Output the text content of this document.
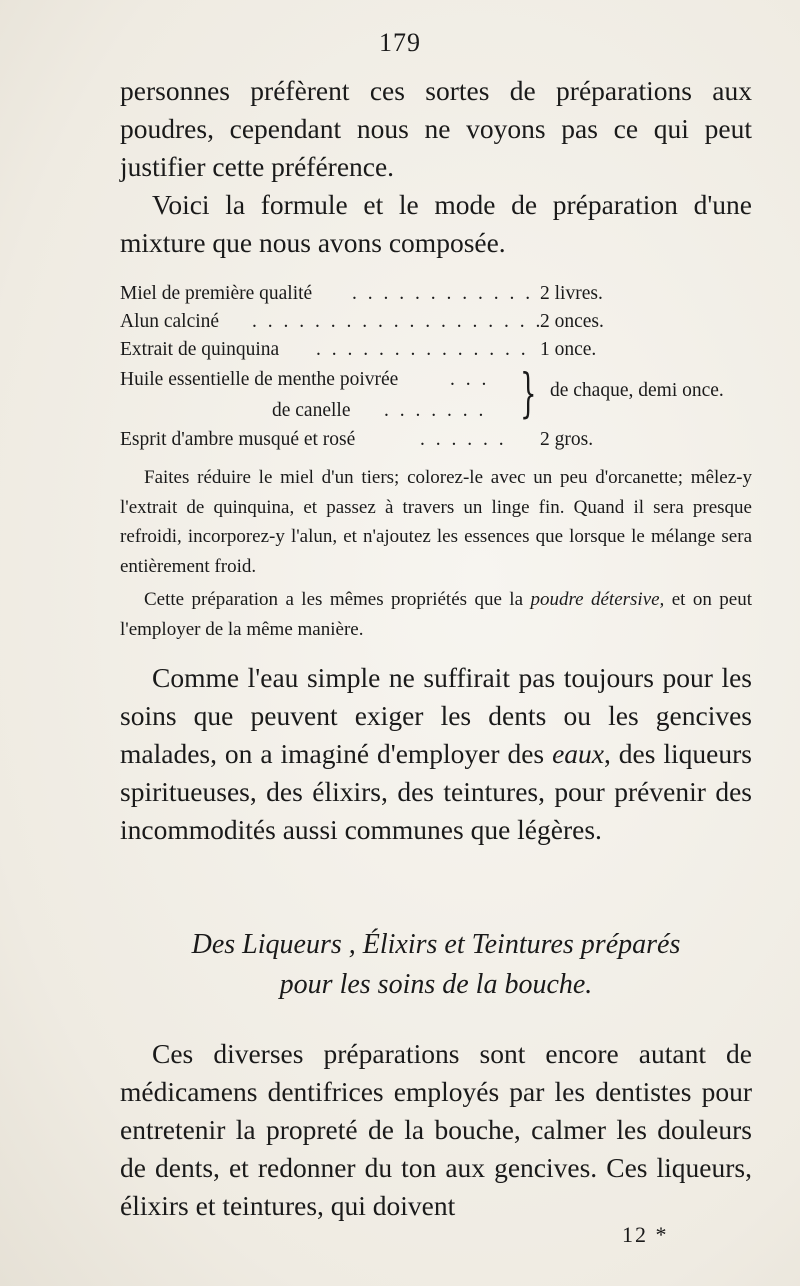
179

personnes préfèrent ces sortes de préparations aux poudres, cependant nous ne voyons pas ce qui peut justifier cette préférence.

Voici la formule et le mode de préparation d'une mixture que nous avons composée.

Miel de première qualité . . . . . . . . . . . . 2 livres.
Alun calciné . . . . . . . . . . . . . . . . . . .
2 onces.
Extrait de quinquina . . . . . . . . . . . . . . 1 once.
Huile essentielle de menthe poivrée	. . .
de canelle . . . . . . . } de chaque, demi once.
Esprit d'ambre musqué et rosé	. . . . . . 2 gros.

Faites réduire le miel d'un tiers; colorez-le avec un peu d'orcanette; mêlez-y l'extrait de quinquina, et passez à travers un linge fin. Quand il sera presque refroidi, incorporez-y l'alun, et n'ajoutez les essences que lorsque le mélange sera entièrement froid.

Cette préparation a les mêmes propriétés que la poudre détersive, et on peut l'employer de la même manière.

Comme l'eau simple ne suffirait pas toujours pour les soins que peuvent exiger les dents ou les gencives malades, on a imaginé d'employer des eaux, des liqueurs spiritueuses, des élixirs, des teintures, pour prévenir des incommodités aussi communes que légères.

Des Liqueurs , Élixirs et Teintures préparés
pour les soins de la bouche.

Ces diverses préparations sont encore autant de médicamens dentifrices employés par les dentistes pour entretenir la propreté de la bouche, calmer les douleurs de dents, et redonner du ton aux gencives. Ces liqueurs, élixirs et teintures, qui doivent

12 *
